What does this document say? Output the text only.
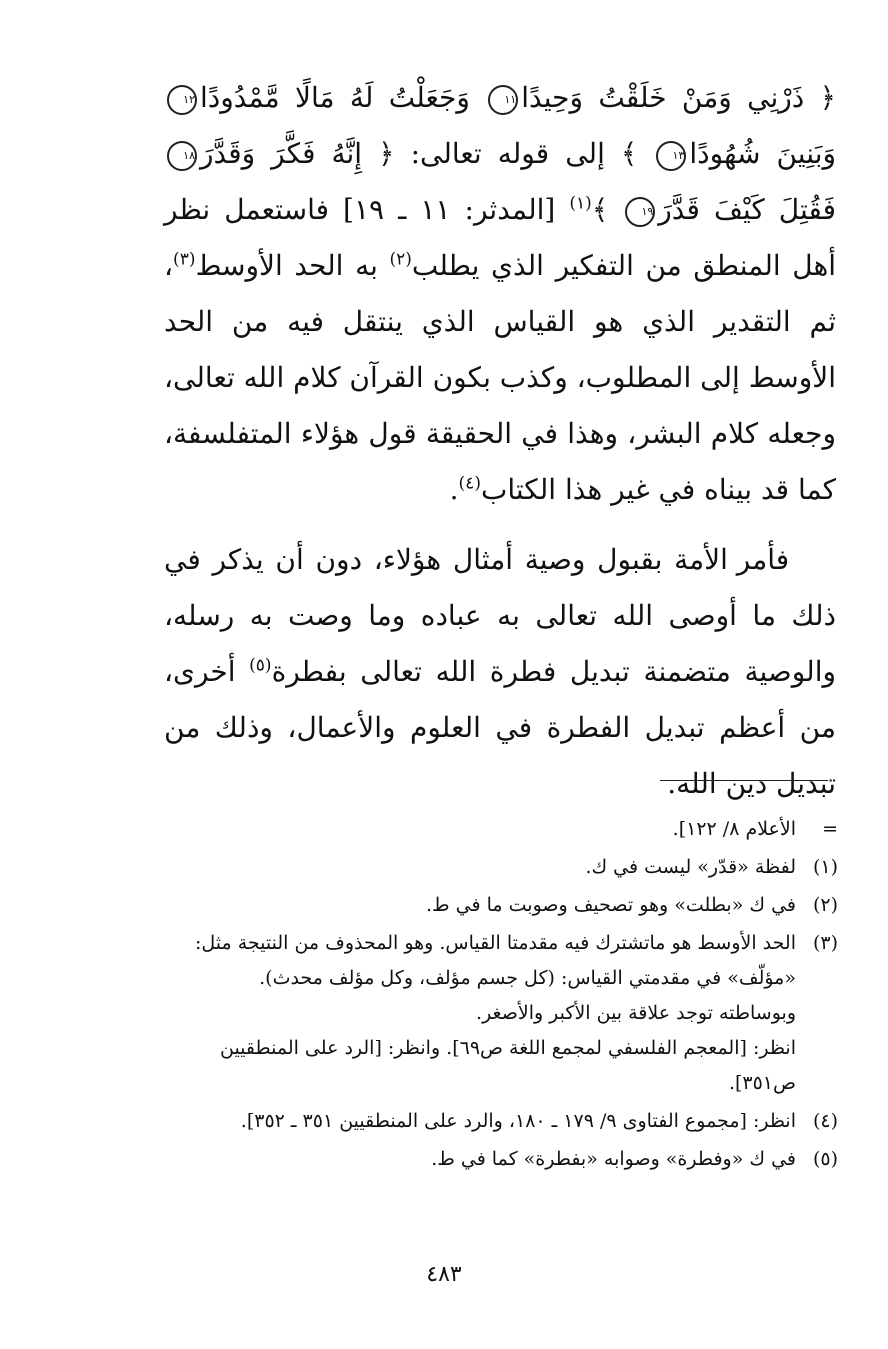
﴿ ذَرْنِي وَمَنْ خَلَقْتُ وَحِيدًا١١ وَجَعَلْتُ لَهُ مَالًا مَّمْدُودًا١٢ وَبَنِينَ شُهُودًا١٣ ﴾ إلى قوله تعالى: ﴿ إِنَّهُ فَكَّرَ وَقَدَّرَ١٨ فَقُتِلَ كَيْفَ قَدَّرَ١٩ ﴾$^{(١)}$ [المدثر: ١١ ـ ١٩] فاستعمل نظر أهل المنطق من التفكير الذي يطلب$^{(٢)}$ به الحد الأوسط$^{(٣)}$، ثم التقدير الذي هو القياس الذي ينتقل فيه من الحد الأوسط إلى المطلوب، وكذب بكون القرآن كلام الله تعالى، وجعله كلام البشر، وهذا في الحقيقة قول هؤلاء المتفلسفة، كما قد بيناه في غير هذا الكتاب$^{(٤)}$.

فأمر الأمة بقبول وصية أمثال هؤلاء، دون أن يذكر في ذلك ما أوصى الله تعالى به عباده وما وصت به رسله، والوصية متضمنة تبديل فطرة الله تعالى بفطرة$^{(٥)}$ أخرى، من أعظم تبديل الفطرة في العلوم والأعمال، وذلك من تبديل دين الله.

=
الأعلام ٨/ ١٢٢].
(١)
لفظة «قدّر» ليست في ك.
(٢)
في ك «بطلت» وهو تصحيف وصوبت ما في ط.
(٣)
الحد الأوسط هو ماتشترك فيه مقدمتا القياس. وهو المحذوف من النتيجة مثل:
«مؤلّف» في مقدمتي القياس: (كل جسم مؤلف، وكل مؤلف محدث).
وبوساطته توجد علاقة بين الأكبر والأصغر.
انظر: [المعجم الفلسفي لمجمع اللغة ص٦٩]. وانظر: [الرد على المنطقيين
ص٣٥١].
(٤)
انظر: [مجموع الفتاوى ٩/ ١٧٩ ـ ١٨٠، والرد على المنطقيين ٣٥١ ـ ٣٥٢].
(٥)
في ك «وفطرة» وصوابه «بفطرة» كما في ط.
٤٨٣
